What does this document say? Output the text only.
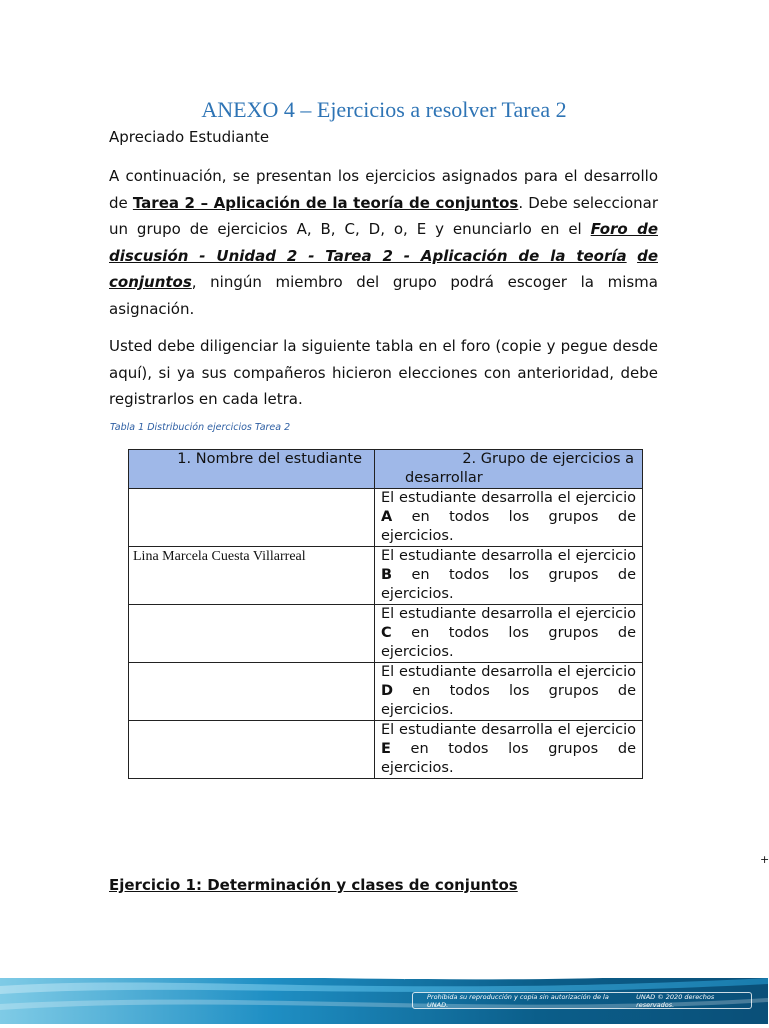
ANEXO 4 – Ejercicios a resolver Tarea 2
Apreciado Estudiante
A continuación, se presentan los ejercicios asignados para el desarrollo de Tarea 2 – Aplicación de la teoría de conjuntos. Debe seleccionar un grupo de ejercicios A, B, C, D, o, E y enunciarlo en el Foro de discusión - Unidad 2 - Tarea 2 - Aplicación de la teoría de conjuntos, ningún miembro del grupo podrá escoger la misma asignación.
Usted debe diligenciar la siguiente tabla en el foro (copie y pegue desde aquí), si ya sus compañeros hicieron elecciones con anterioridad, debe registrarlos en cada letra.
Tabla 1 Distribución ejercicios Tarea 2
1. Nombre del estudiante	2. Grupo de ejercicios a
desarrollar

	El estudiante desarrolla el ejercicio A en todos los grupos de ejercicios.
Lina Marcela Cuesta Villarreal	El estudiante desarrolla el ejercicio B en todos los grupos de ejercicios.
	El estudiante desarrolla el ejercicio C en todos los grupos de ejercicios.
	El estudiante desarrolla el ejercicio D en todos los grupos de ejercicios.
	El estudiante desarrolla el ejercicio E en todos los grupos de ejercicios.
+
Ejercicio 1: Determinación y clases de conjuntos
Prohibida su reproducción y copia sin autorización de la UNAD.
UNAD © 2020 derechos reservados.
